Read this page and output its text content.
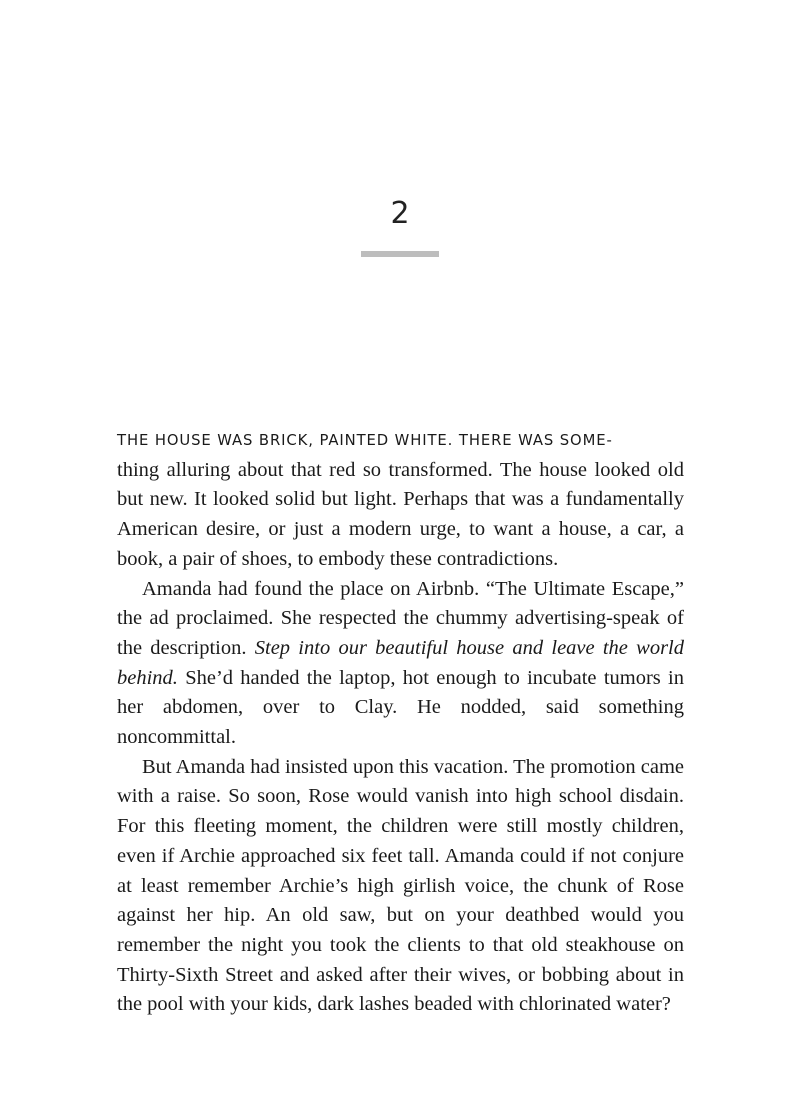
2

THE HOUSE WAS BRICK, PAINTED WHITE. THERE WAS SOME-
thing alluring about that red so transformed. The house looked old but new. It looked solid but light. Perhaps that was a fundamentally American desire, or just a modern urge, to want a house, a car, a book, a pair of shoes, to embody these contradictions.

Amanda had found the place on Airbnb. “The Ultimate Escape,” the ad proclaimed. She respected the chummy advertising-speak of the description. Step into our beautiful house and leave the world behind. She’d handed the laptop, hot enough to incubate tumors in her abdomen, over to Clay. He nodded, said something noncommittal.

But Amanda had insisted upon this vacation. The promotion came with a raise. So soon, Rose would vanish into high school disdain. For this fleeting moment, the children were still mostly children, even if Archie approached six feet tall. Amanda could if not conjure at least remember Archie’s high girlish voice, the chunk of Rose against her hip. An old saw, but on your deathbed would you remember the night you took the clients to that old steakhouse on Thirty-Sixth Street and asked after their wives, or bobbing about in the pool with your kids, dark lashes beaded with chlorinated water?
